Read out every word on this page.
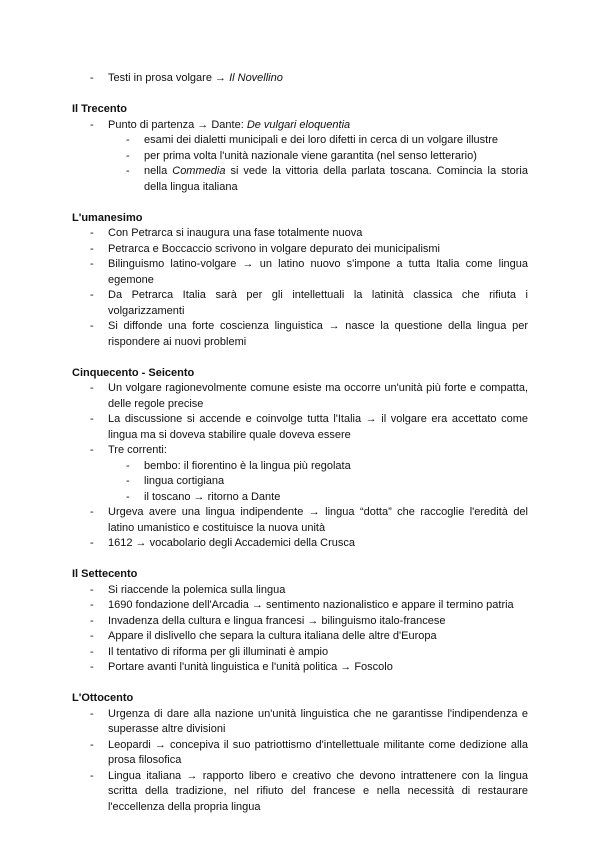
- Testi in prosa volgare → Il Novellino
Il Trecento
- Punto di partenza → Dante: De vulgari eloquentia
- esami dei dialetti municipali e dei loro difetti in cerca di un volgare illustre
- per prima volta l'unità nazionale viene garantita (nel senso letterario)
- nella Commedia si vede la vittoria della parlata toscana. Comincia la storia della lingua italiana
L'umanesimo
- Con Petrarca si inaugura una fase totalmente nuova
- Petrarca e Boccaccio scrivono in volgare depurato dei municipalismi
- Bilinguismo latino-volgare → un latino nuovo s'impone a tutta Italia come lingua egemone
- Da Petrarca Italia sarà per gli intellettuali la latinità classica che rifiuta i volgarizzamenti
- Si diffonde una forte coscienza linguistica → nasce la questione della lingua per rispondere ai nuovi problemi
Cinquecento - Seicento
- Un volgare ragionevolmente comune esiste ma occorre un'unità più forte e compatta, delle regole precise
- La discussione si accende e coinvolge tutta l'Italia → il volgare era accettato come lingua ma si doveva stabilire quale doveva essere
- Tre correnti:
- bembo: il fiorentino è la lingua più regolata
- lingua cortigiana
- il toscano → ritorno a Dante
- Urgeva avere una lingua indipendente → lingua “dotta” che raccoglie l'eredità del latino umanistico e costituisce la nuova unità
- 1612 → vocabolario degli Accademici della Crusca
Il Settecento
- Si riaccende la polemica sulla lingua
- 1690 fondazione dell'Arcadia → sentimento nazionalistico e appare il termino patria
- Invadenza della cultura e lingua francesi → bilinguismo italo-francese
- Appare il dislivello che separa la cultura italiana delle altre d'Europa
- Il tentativo di riforma per gli illuminati è ampio
- Portare avanti l'unità linguistica e l'unità politica → Foscolo
L'Ottocento
- Urgenza di dare alla nazione un'unità linguistica che ne garantisse l'indipendenza e superasse altre divisioni
- Leopardi → concepiva il suo patriottismo d'intellettuale militante come dedizione alla prosa filosofica
- Lingua italiana → rapporto libero e creativo che devono intrattenere con la lingua scritta della tradizione, nel rifiuto del francese e nella necessità di restaurare l'eccellenza della propria lingua
